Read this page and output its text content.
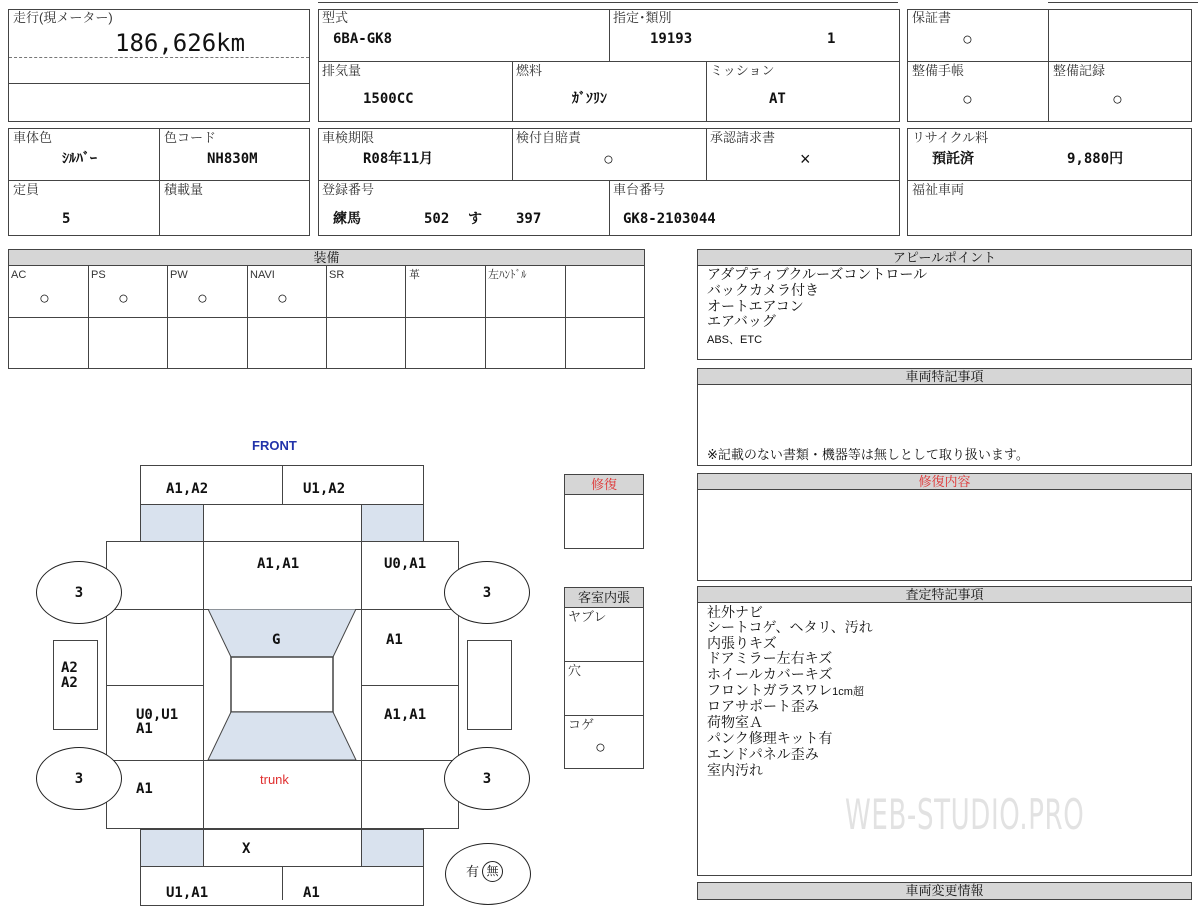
走行(現メーター)
186,626km
型式
6BA-GK8
指定･類別
19193	1
排気量
1500CC
燃料
ｶﾞｿﾘﾝ
ミッション
AT
保証書
○
整備手帳
○
整備記録
○
車体色
ｼﾙﾊﾞｰ
色コード
NH830M
定員
5
積載量
車検期限
R08年11月
検付自賠責
○
承認請求書
×
登録番号
練馬	502 す 397
車台番号
GK8-2103044
リサイクル料
預託済	9,880円
福祉車両
装備
AC
○
PS
○
PW
○
NAVI
○
SR	革	左ﾊﾝﾄﾞﾙ
アピールポイント
アダプティブクルーズコントロール
バックカメラ付き
オートエアコン
エアバッグ
ABS、ETC
車両特記事項
※記載のない書類・機器等は無しとして取り扱います。
修復内容
査定特記事項
社外ナビ
シートコゲ、ヘタリ、汚れ
内張りキズ
ドアミラー左右キズ
ホイールカバーキズ
フロントガラスワレ1cm超
ロアサポート歪み
荷物室Ａ
パンク修理キット有
エンドパネル歪み
室内汚れ
車両変更情報
WEB-STUDIO.PRO
修復
客室内張
ヤブレ
穴
コゲ
○
FRONT
A1,A2	U1,A2
A1,A1	U0,A1
G	A1
U0,U1
A1
A1,A1
A1
trunk
A2
A2
3	3
3	3
X
U1,A1	A1
有 無
